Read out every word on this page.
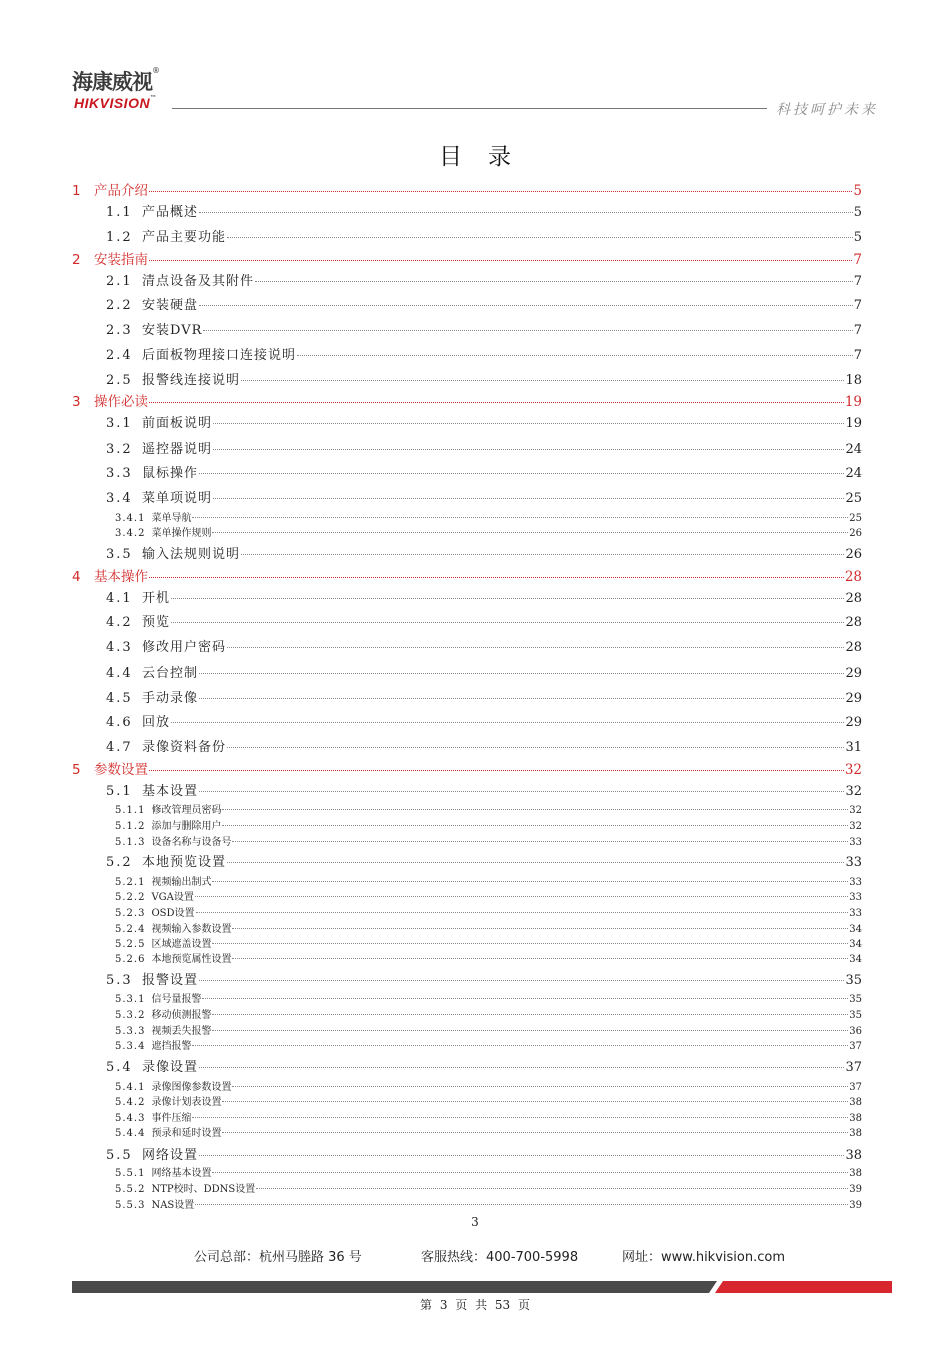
海康威视®
HIKVISION™
科技呵护未来
目录
1 产品介绍	5
1.1 产品概述	5
1.2 产品主要功能	5
2 安装指南	7
2.1 清点设备及其附件	7
2.2 安装硬盘	7
2.3 安装DVR	7
2.4 后面板物理接口连接说明	7
2.5 报警线连接说明	18
3 操作必读	19
3.1 前面板说明	19
3.2 遥控器说明	24
3.3 鼠标操作	24
3.4 菜单项说明	25
3.4.1 菜单导航	25
3.4.2 菜单操作规则	26
3.5 输入法规则说明	26
4 基本操作	28
4.1 开机	28
4.2 预览	28
4.3 修改用户密码	28
4.4 云台控制	29
4.5 手动录像	29
4.6 回放	29
4.7 录像资料备份	31
5 参数设置	32
5.1 基本设置	32
5.1.1 修改管理员密码	32
5.1.2 添加与删除用户	32
5.1.3 设备名称与设备号	33
5.2 本地预览设置	33
5.2.1 视频输出制式	33
5.2.2 VGA设置	33
5.2.3 OSD设置	33
5.2.4 视频输入参数设置	34
5.2.5 区域遮盖设置	34
5.2.6 本地预览属性设置	34
5.3 报警设置	35
5.3.1 信号量报警	35
5.3.2 移动侦测报警	35
5.3.3 视频丢失报警	36
5.3.4 遮挡报警	37
5.4 录像设置	37
5.4.1 录像图像参数设置	37
5.4.2 录像计划表设置	38
5.4.3 事件压缩	38
5.4.4 预录和延时设置	38
5.5 网络设置	38
5.5.1 网络基本设置	38
5.5.2 NTP校时、DDNS设置	39
5.5.3 NAS设置	39
3
公司总部：杭州马塍路 36 号	客服热线：400-700-5998	网址：www.hikvision.com
第 3 页 共 53 页
